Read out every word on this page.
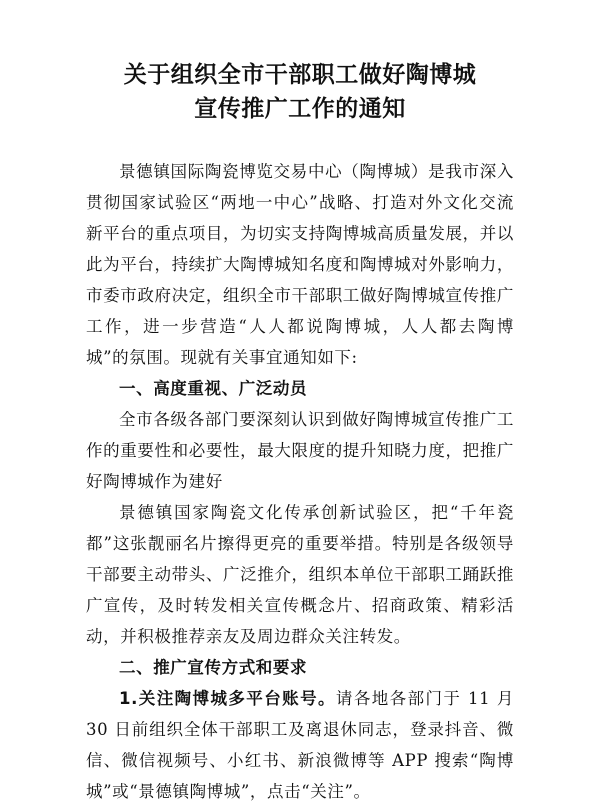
关于组织全市干部职工做好陶博城
宣传推广工作的通知

景德镇国际陶瓷博览交易中心（陶博城）是我市深入贯彻国家试验区“两地一中心”战略、打造对外文化交流新平台的重点项目，为切实支持陶博城高质量发展，并以此为平台，持续扩大陶博城知名度和陶博城对外影响力，市委市政府决定，组织全市干部职工做好陶博城宣传推广工作，进一步营造“人人都说陶博城，人人都去陶博城”的氛围。现就有关事宜通知如下:

一、高度重视、广泛动员

全市各级各部门要深刻认识到做好陶博城宣传推广工作的重要性和必要性，最大限度的提升知晓力度，把推广好陶博城作为建好

景德镇国家陶瓷文化传承创新试验区，把“千年瓷都”这张靓丽名片擦得更亮的重要举措。特别是各级领导干部要主动带头、广泛推介，组织本单位干部职工踊跃推广宣传，及时转发相关宣传概念片、招商政策、精彩活动，并积极推荐亲友及周边群众关注转发。

二、推广宣传方式和要求

1.关注陶博城多平台账号。请各地各部门于 11 月 30 日前组织全体干部职工及离退休同志，登录抖音、微信、微信视频号、小红书、新浪微博等 APP 搜索“陶博城”或“景德镇陶博城”，点击“关注”。
